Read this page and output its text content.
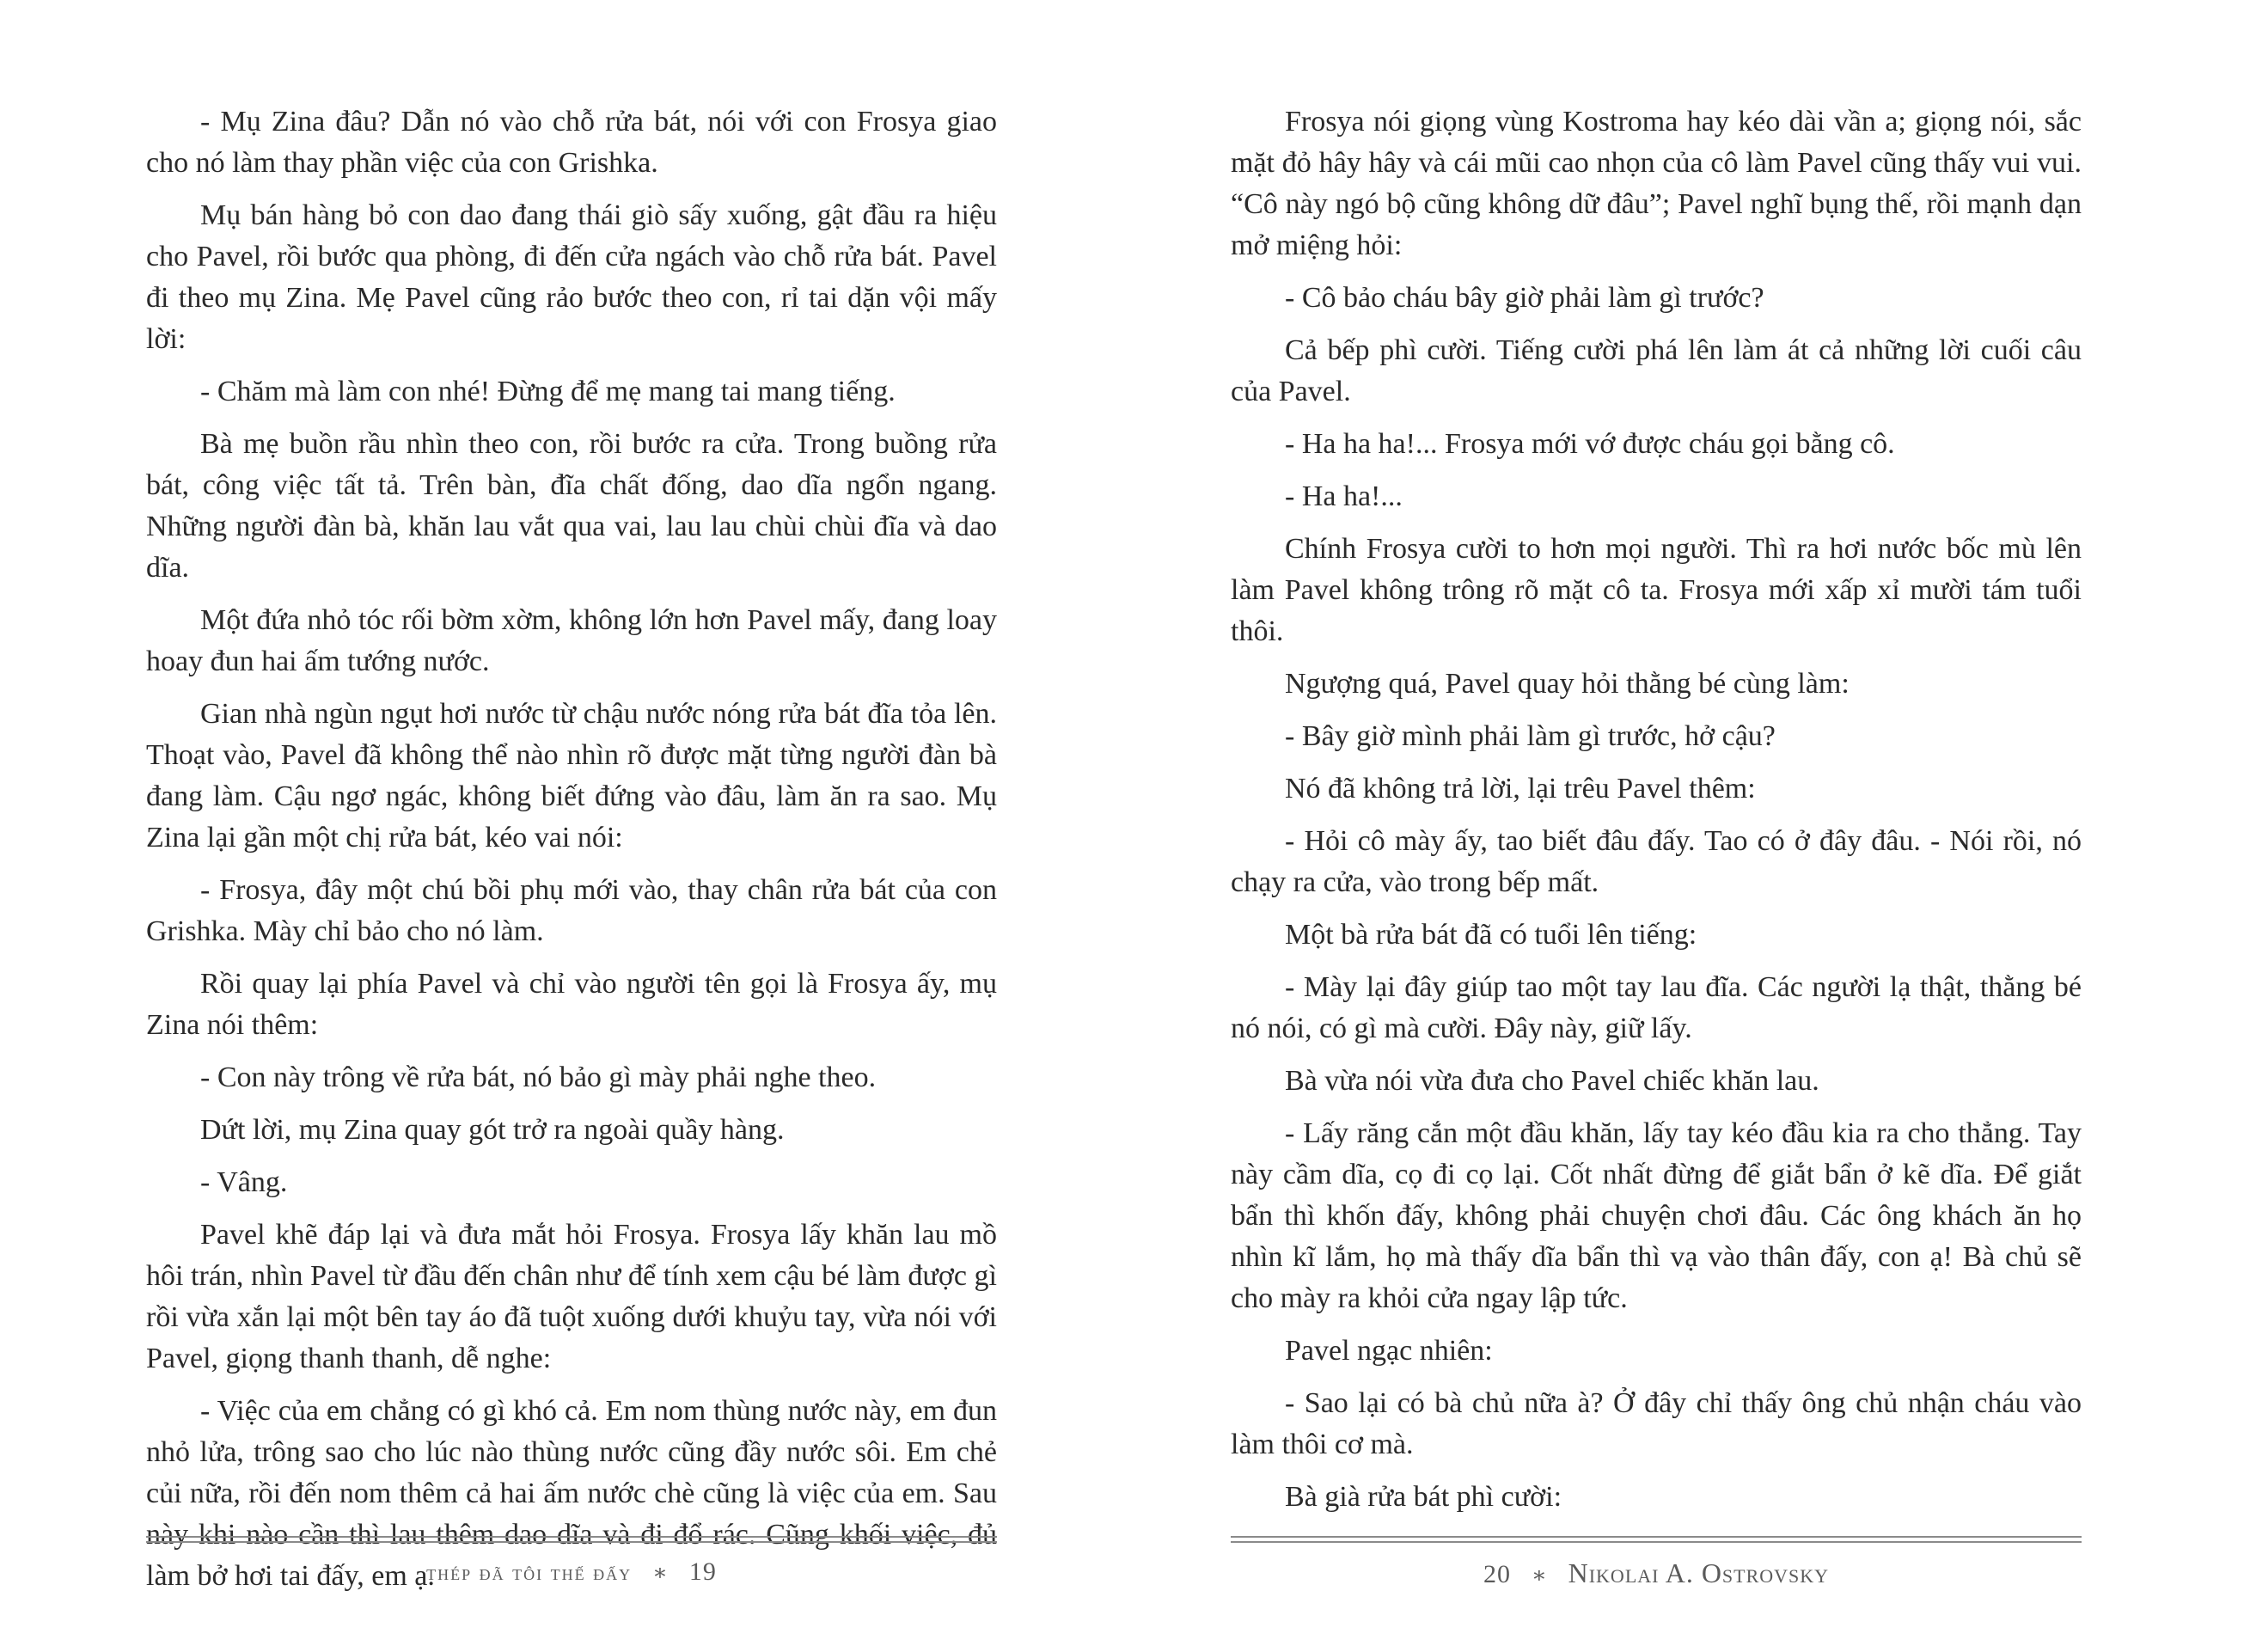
- Mụ Zina đâu? Dẫn nó vào chỗ rửa bát, nói với con Frosya giao cho nó làm thay phần việc của con Grishka.

Mụ bán hàng bỏ con dao đang thái giò sấy xuống, gật đầu ra hiệu cho Pavel, rồi bước qua phòng, đi đến cửa ngách vào chỗ rửa bát. Pavel đi theo mụ Zina. Mẹ Pavel cũng rảo bước theo con, rỉ tai dặn vội mấy lời:

- Chăm mà làm con nhé! Đừng để mẹ mang tai mang tiếng.

Bà mẹ buồn rầu nhìn theo con, rồi bước ra cửa. Trong buồng rửa bát, công việc tất tả. Trên bàn, đĩa chất đống, dao dĩa ngổn ngang. Những người đàn bà, khăn lau vắt qua vai, lau lau chùi chùi đĩa và dao dĩa.

Một đứa nhỏ tóc rối bờm xờm, không lớn hơn Pavel mấy, đang loay hoay đun hai ấm tướng nước.

Gian nhà ngùn ngụt hơi nước từ chậu nước nóng rửa bát đĩa tỏa lên. Thoạt vào, Pavel đã không thể nào nhìn rõ được mặt từng người đàn bà đang làm. Cậu ngơ ngác, không biết đứng vào đâu, làm ăn ra sao. Mụ Zina lại gần một chị rửa bát, kéo vai nói:

- Frosya, đây một chú bồi phụ mới vào, thay chân rửa bát của con Grishka. Mày chỉ bảo cho nó làm.

Rồi quay lại phía Pavel và chỉ vào người tên gọi là Frosya ấy, mụ Zina nói thêm:

- Con này trông về rửa bát, nó bảo gì mày phải nghe theo.

Dứt lời, mụ Zina quay gót trở ra ngoài quầy hàng.

- Vâng.

Pavel khẽ đáp lại và đưa mắt hỏi Frosya. Frosya lấy khăn lau mồ hôi trán, nhìn Pavel từ đầu đến chân như để tính xem cậu bé làm được gì rồi vừa xắn lại một bên tay áo đã tuột xuống dưới khuỷu tay, vừa nói với Pavel, giọng thanh thanh, dễ nghe:

- Việc của em chẳng có gì khó cả. Em nom thùng nước này, em đun nhỏ lửa, trông sao cho lúc nào thùng nước cũng đầy nước sôi. Em chẻ củi nữa, rồi đến nom thêm cả hai ấm nước chè cũng là việc của em. Sau này khi nào cần thì lau thêm dao dĩa và đi đổ rác. Cũng khối việc, đủ làm bở hơi tai đấy, em ạ.

thép đã tôi thế đấy ∗ 19

Frosya nói giọng vùng Kostroma hay kéo dài vần a; giọng nói, sắc mặt đỏ hây hây và cái mũi cao nhọn của cô làm Pavel cũng thấy vui vui. “Cô này ngó bộ cũng không dữ đâu”; Pavel nghĩ bụng thế, rồi mạnh dạn mở miệng hỏi:

- Cô bảo cháu bây giờ phải làm gì trước?

Cả bếp phì cười. Tiếng cười phá lên làm át cả những lời cuối câu của Pavel.

- Ha ha ha!... Frosya mới vớ được cháu gọi bằng cô.

- Ha ha!...

Chính Frosya cười to hơn mọi người. Thì ra hơi nước bốc mù lên làm Pavel không trông rõ mặt cô ta. Frosya mới xấp xỉ mười tám tuổi thôi.

Ngượng quá, Pavel quay hỏi thằng bé cùng làm:

- Bây giờ mình phải làm gì trước, hở cậu?

Nó đã không trả lời, lại trêu Pavel thêm:

- Hỏi cô mày ấy, tao biết đâu đấy. Tao có ở đây đâu. - Nói rồi, nó chạy ra cửa, vào trong bếp mất.

Một bà rửa bát đã có tuổi lên tiếng:

- Mày lại đây giúp tao một tay lau đĩa. Các người lạ thật, thằng bé nó nói, có gì mà cười. Đây này, giữ lấy.

Bà vừa nói vừa đưa cho Pavel chiếc khăn lau.

- Lấy răng cắn một đầu khăn, lấy tay kéo đầu kia ra cho thẳng. Tay này cầm dĩa, cọ đi cọ lại. Cốt nhất đừng để giắt bẩn ở kẽ dĩa. Để giắt bẩn thì khốn đấy, không phải chuyện chơi đâu. Các ông khách ăn họ nhìn kĩ lắm, họ mà thấy dĩa bẩn thì vạ vào thân đấy, con ạ! Bà chủ sẽ cho mày ra khỏi cửa ngay lập tức.

Pavel ngạc nhiên:

- Sao lại có bà chủ nữa à? Ở đây chỉ thấy ông chủ nhận cháu vào làm thôi cơ mà.

Bà già rửa bát phì cười:

20 ∗ Nikolai A. Ostrovsky
